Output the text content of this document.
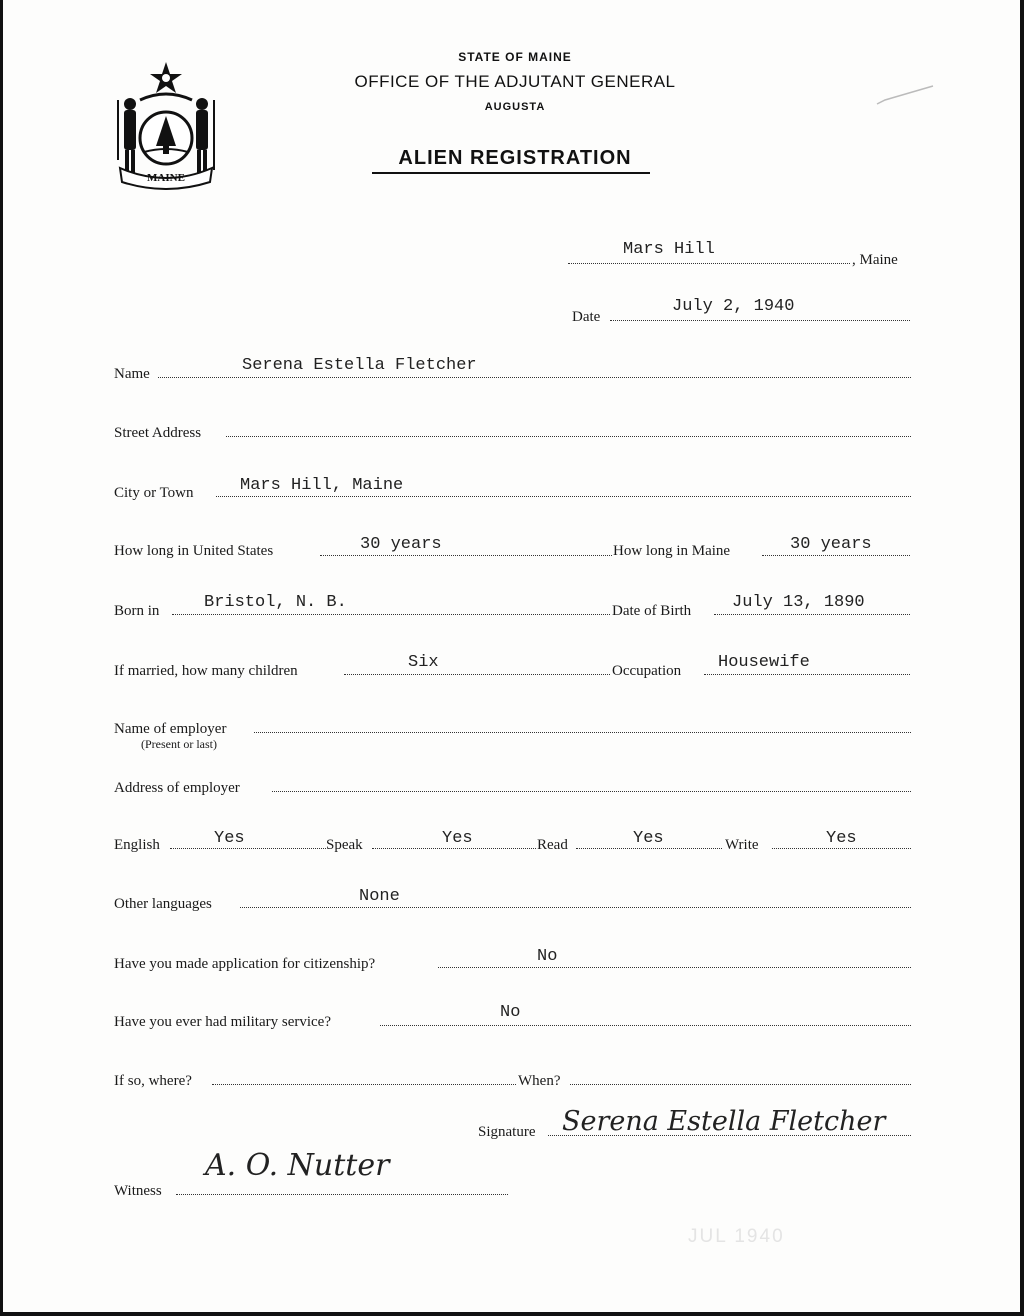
MAINE
STATE OF MAINE
OFFICE OF THE ADJUTANT GENERAL
AUGUSTA
ALIEN REGISTRATION
Mars Hill
, Maine
Date
July 2, 1940
Name	Serena Estella Fletcher
Street Address
City or Town	Mars Hill, Maine
How long in United States	30 years	How long in Maine	30 years
Born in	Bristol, N. B.	Date of Birth July 13, 1890
If married, how many children	Six	Occupation Housewife
Name of employer
(Present or last)
Address of employer
English	Yes	Speak	Yes	Read	Yes	Write	Yes
Other languages	None
Have you made application for citizenship?	No
Have you ever had military service?	No
If so, where?	When?
Signature Serena Estella Fletcher
Witness
A. O. Nutter
JUL 1940
